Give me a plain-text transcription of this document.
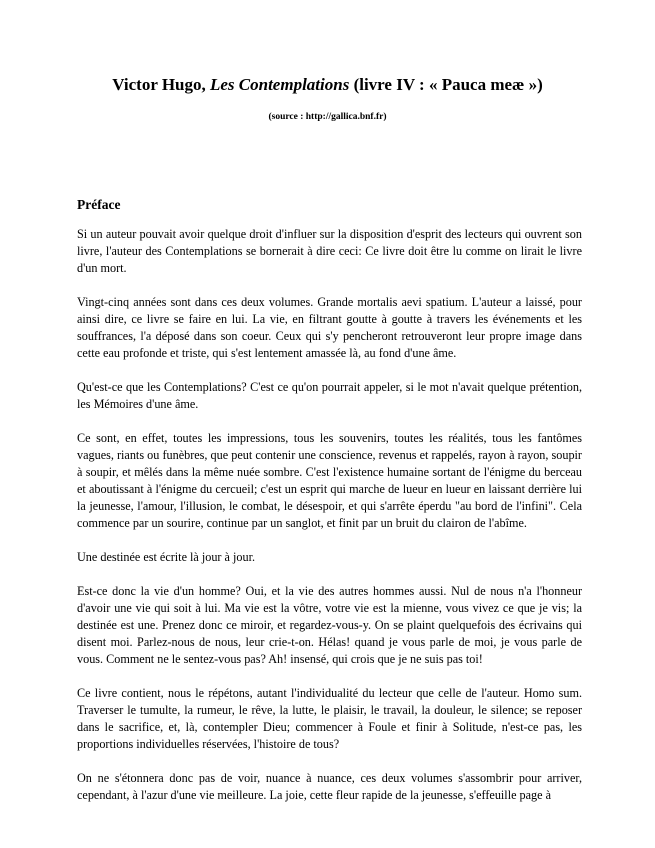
Victor Hugo, Les Contemplations (livre IV : « Pauca meæ »)
(source : http://gallica.bnf.fr)
Préface

Si un auteur pouvait avoir quelque droit d'influer sur la disposition d'esprit des lecteurs qui ouvrent son livre, l'auteur des Contemplations se bornerait à dire ceci: Ce livre doit être lu comme on lirait le livre d'un mort.

Vingt-cinq années sont dans ces deux volumes. Grande mortalis aevi spatium. L'auteur a laissé, pour ainsi dire, ce livre se faire en lui. La vie, en filtrant goutte à goutte à travers les événements et les souffrances, l'a déposé dans son coeur. Ceux qui s'y pencheront retrouveront leur propre image dans cette eau profonde et triste, qui s'est lentement amassée là, au fond d'une âme.

Qu'est-ce que les Contemplations? C'est ce qu'on pourrait appeler, si le mot n'avait quelque prétention, les Mémoires d'une âme.

Ce sont, en effet, toutes les impressions, tous les souvenirs, toutes les réalités, tous les fantômes vagues, riants ou funèbres, que peut contenir une conscience, revenus et rappelés, rayon à rayon, soupir à soupir, et mêlés dans la même nuée sombre. C'est l'existence humaine sortant de l'énigme du berceau et aboutissant à l'énigme du cercueil; c'est un esprit qui marche de lueur en lueur en laissant derrière lui la jeunesse, l'amour, l'illusion, le combat, le désespoir, et qui s'arrête éperdu "au bord de l'infini". Cela commence par un sourire, continue par un sanglot, et finit par un bruit du clairon de l'abîme.

Une destinée est écrite là jour à jour.

Est-ce donc la vie d'un homme? Oui, et la vie des autres hommes aussi. Nul de nous n'a l'honneur d'avoir une vie qui soit à lui. Ma vie est la vôtre, votre vie est la mienne, vous vivez ce que je vis; la destinée est une. Prenez donc ce miroir, et regardez-vous-y. On se plaint quelquefois des écrivains qui disent moi. Parlez-nous de nous, leur crie-t-on. Hélas! quand je vous parle de moi, je vous parle de vous. Comment ne le sentez-vous pas? Ah! insensé, qui crois que je ne suis pas toi!

Ce livre contient, nous le répétons, autant l'individualité du lecteur que celle de l'auteur. Homo sum. Traverser le tumulte, la rumeur, le rêve, la lutte, le plaisir, le travail, la douleur, le silence; se reposer dans le sacrifice, et, là, contempler Dieu; commencer à Foule et finir à Solitude, n'est-ce pas, les proportions individuelles réservées, l'histoire de tous?

On ne s'étonnera donc pas de voir, nuance à nuance, ces deux volumes s'assombrir pour arriver, cependant, à l'azur d'une vie meilleure. La joie, cette fleur rapide de la jeunesse, s'effeuille page à
